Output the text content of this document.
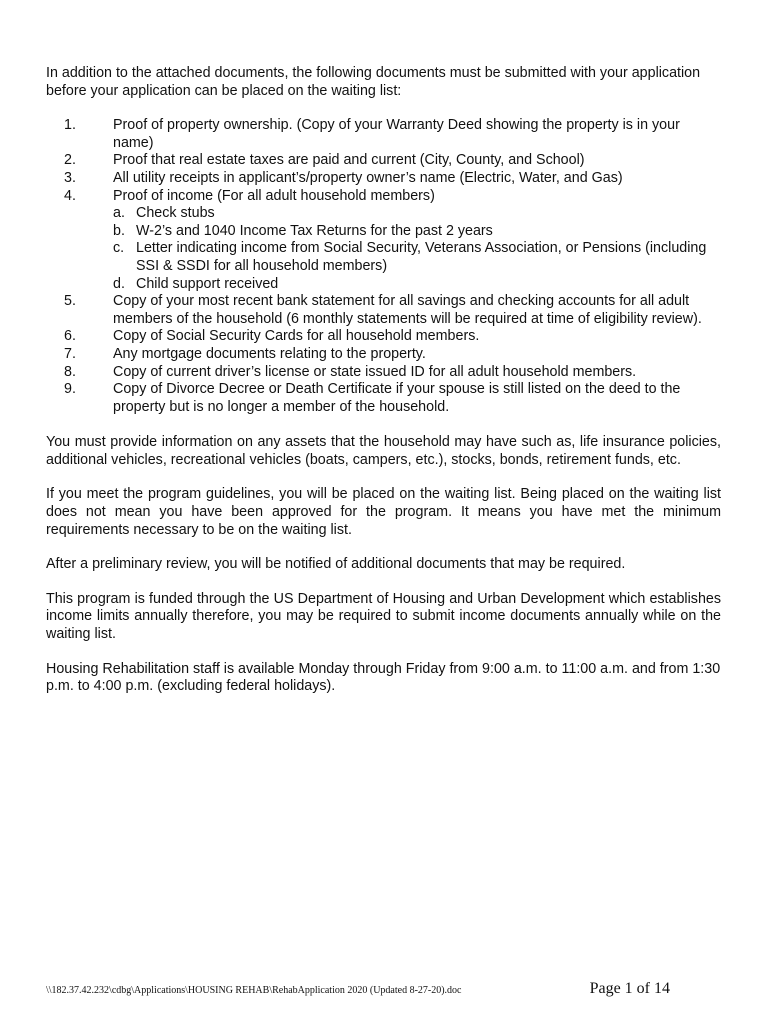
In addition to the attached documents, the following documents must be submitted with your application before your application can be placed on the waiting list:

1.	Proof of property ownership. (Copy of your Warranty Deed showing the property is in your name)
2.	Proof that real estate taxes are paid and current (City, County, and School)
3.	All utility receipts in applicant’s/property owner’s name (Electric, Water, and Gas)
4.	Proof of income (For all adult household members)
a. Check stubs
b. W-2’s and 1040 Income Tax Returns for the past 2 years
c. Letter indicating income from Social Security, Veterans Association, or Pensions (including SSI & SSDI for all household members)
d. Child support received
5.	Copy of your most recent bank statement for all savings and checking accounts for all adult members of the household (6 monthly statements will be required at time of eligibility review).
6.	Copy of Social Security Cards for all household members.
7.	Any mortgage documents relating to the property.
8.	Copy of current driver’s license or state issued ID for all adult household members.
9.	Copy of Divorce Decree or Death Certificate if your spouse is still listed on the deed to the property but is no longer a member of the household.

You must provide information on any assets that the household may have such as, life insurance policies, additional vehicles, recreational vehicles (boats, campers, etc.), stocks, bonds, retirement funds, etc.

If you meet the program guidelines, you will be placed on the waiting list. Being placed on the waiting list does not mean you have been approved for the program. It means you have met the minimum requirements necessary to be on the waiting list.

After a preliminary review, you will be notified of additional documents that may be required.

This program is funded through the US Department of Housing and Urban Development which establishes income limits annually therefore, you may be required to submit income documents annually while on the waiting list.

Housing Rehabilitation staff is available Monday through Friday from 9:00 a.m. to 11:00 a.m. and from 1:30 p.m. to 4:00 p.m. (excluding federal holidays).

\\182.37.42.232\cdbg\Applications\HOUSING REHAB\RehabApplication 2020 (Updated 8-27-20).doc	Page 1 of 14
